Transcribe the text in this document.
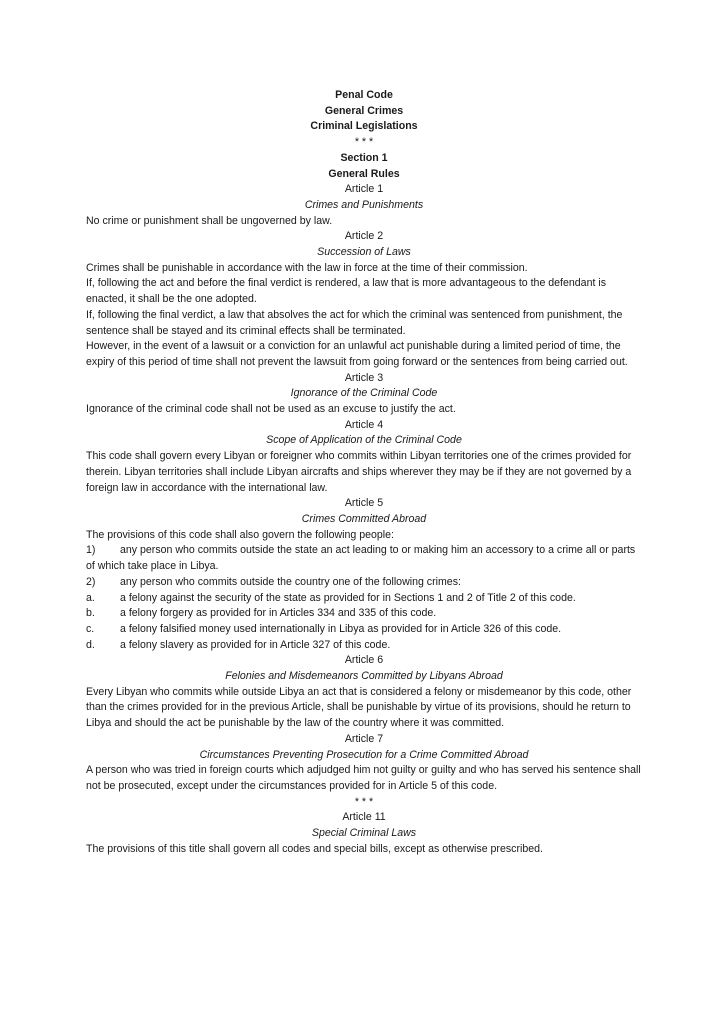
Penal Code

General Crimes

Criminal Legislations

* * *

Section 1

General Rules

Article 1

Crimes and Punishments

No crime or punishment shall be ungoverned by law.

Article 2

Succession of Laws

Crimes shall be punishable in accordance with the law in force at the time of their commission.

If, following the act and before the final verdict is rendered, a law that is more advantageous to the defendant is enacted, it shall be the one adopted.

If, following the final verdict, a law that absolves the act for which the criminal was sentenced from punishment, the sentence shall be stayed and its criminal effects shall be terminated.

However, in the event of a lawsuit or a conviction for an unlawful act punishable during a limited period of time, the expiry of this period of time shall not prevent the lawsuit from going forward or the sentences from being carried out.

Article 3

Ignorance of the Criminal Code

Ignorance of the criminal code shall not be used as an excuse to justify the act.

Article 4

Scope of Application of the Criminal Code

This code shall govern every Libyan or foreigner who commits within Libyan territories one of the crimes provided for therein. Libyan territories shall include Libyan aircrafts and ships wherever they may be if they are not governed by a foreign law in accordance with the international law.

Article 5

Crimes Committed Abroad

The provisions of this code shall also govern the following people:

1) any person who commits outside the state an act leading to or making him an accessory to a crime all or parts of which take place in Libya.

2) any person who commits outside the country one of the following crimes:

a. a felony against the security of the state as provided for in Sections 1 and 2 of Title 2 of this code.

b. a felony forgery as provided for in Articles 334 and 335 of this code.

c. a felony falsified money used internationally in Libya as provided for in Article 326 of this code.

d. a felony slavery as provided for in Article 327 of this code.

Article 6

Felonies and Misdemeanors Committed by Libyans Abroad

Every Libyan who commits while outside Libya an act that is considered a felony or misdemeanor by this code, other than the crimes provided for in the previous Article, shall be punishable by virtue of its provisions, should he return to Libya and should the act be punishable by the law of the country where it was committed.

Article 7

Circumstances Preventing Prosecution for a Crime Committed Abroad

A person who was tried in foreign courts which adjudged him not guilty or guilty and who has served his sentence shall not be prosecuted, except under the circumstances provided for in Article 5 of this code.

* * *

Article 11

Special Criminal Laws

The provisions of this title shall govern all codes and special bills, except as otherwise prescribed.
